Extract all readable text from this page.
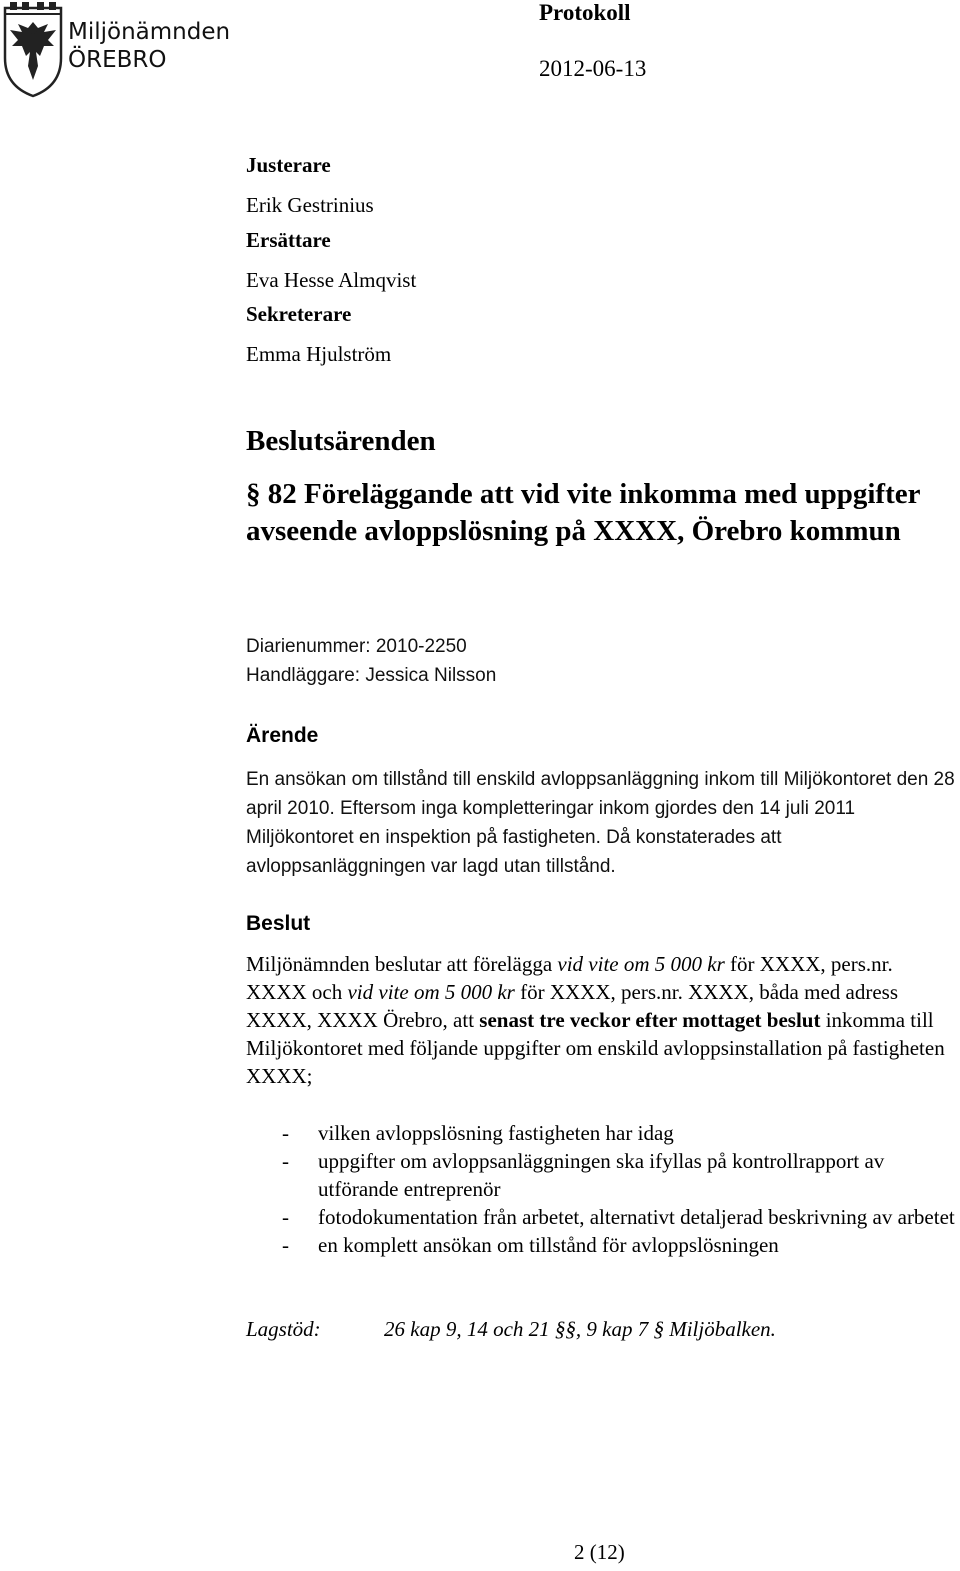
Miljönämnden
ÖREBRO
Protokoll
2012-06-13
Justerare
Erik Gestrinius
Ersättare
Eva Hesse Almqvist
Sekreterare
Emma Hjulström
Beslutsärenden
§ 82 Föreläggande att vid vite inkomma med uppgifter avseende avloppslösning på XXXX, Örebro kommun
Diarienummer: 2010-2250
Handläggare: Jessica Nilsson
Ärende
En ansökan om tillstånd till enskild avloppsanläggning inkom till Miljökontoret den 28 april 2010. Eftersom inga kompletteringar inkom gjordes den 14 juli 2011 Miljökontoret en inspektion på fastigheten. Då konstaterades att avloppsanläggningen var lagd utan tillstånd.
Beslut
Miljönämnden beslutar att förelägga vid vite om 5 000 kr för XXXX, pers.nr. XXXX och vid vite om 5 000 kr för XXXX, pers.nr. XXXX, båda med adress XXXX, XXXX Örebro, att senast tre veckor efter mottaget beslut inkomma till Miljökontoret med följande uppgifter om enskild avloppsinstallation på fastigheten XXXX;
- vilken avloppslösning fastigheten har idag
- uppgifter om avloppsanläggningen ska ifyllas på kontrollrapport av utförande entreprenör
- fotodokumentation från arbetet, alternativt detaljerad beskrivning av arbetet
- en komplett ansökan om tillstånd för avloppslösningen
Lagstöd:	26 kap 9, 14 och 21 §§, 9 kap 7 § Miljöbalken.
2 (12)
